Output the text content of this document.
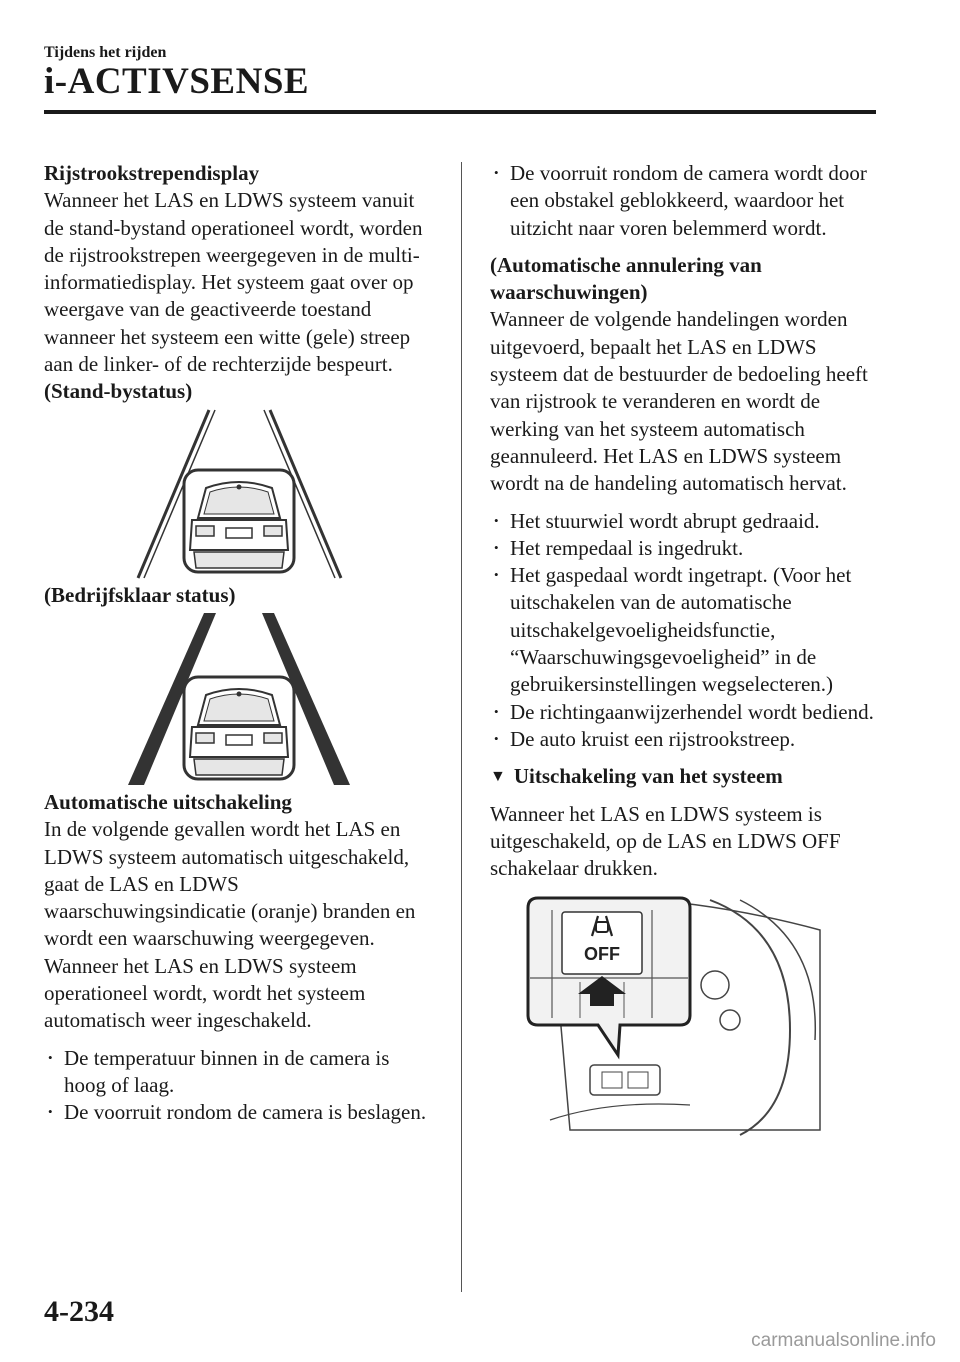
Tijdens het rijden
i-ACTIVSENSE
Rijstrookstrependisplay

Wanneer het LAS en LDWS systeem vanuit de stand-bystand operationeel wordt, worden de rijstrookstrepen weergegeven in de multi-informatiedisplay. Het systeem gaat over op weergave van de geactiveerde toestand wanneer het systeem een witte (gele) streep aan de linker- of de rechterzijde bespeurt.

(Stand-bystatus)
(Bedrijfsklaar status)
Automatische uitschakeling

In de volgende gevallen wordt het LAS en LDWS systeem automatisch uitgeschakeld, gaat de LAS en LDWS waarschuwingsindicatie (oranje) branden en wordt een waarschuwing weergegeven. Wanneer het LAS en LDWS systeem operationeel wordt, wordt het systeem automatisch weer ingeschakeld.

• De temperatuur binnen in de camera is hoog of laag.
• De voorruit rondom de camera is beslagen.
• De voorruit rondom de camera wordt door een obstakel geblokkeerd, waardoor het uitzicht naar voren belemmerd wordt.
(Automatische annulering van waarschuwingen)

Wanneer de volgende handelingen worden uitgevoerd, bepaalt het LAS en LDWS systeem dat de bestuurder de bedoeling heeft van rijstrook te veranderen en wordt de werking van het systeem automatisch geannuleerd. Het LAS en LDWS systeem wordt na de handeling automatisch hervat.

• Het stuurwiel wordt abrupt gedraaid.
• Het rempedaal is ingedrukt.
• Het gaspedaal wordt ingetrapt. (Voor het uitschakelen van de automatische uitschakelgevoeligheidsfunctie, “Waarschuwingsgevoeligheid” in de gebruikersinstellingen wegselecteren.)
• De richtingaanwijzerhendel wordt bediend.
• De auto kruist een rijstrookstreep.
▼ Uitschakeling van het systeem

Wanneer het LAS en LDWS systeem is uitgeschakeld, op de LAS en LDWS OFF schakelaar drukken.

OFF
4-234
carmanualsonline.info
